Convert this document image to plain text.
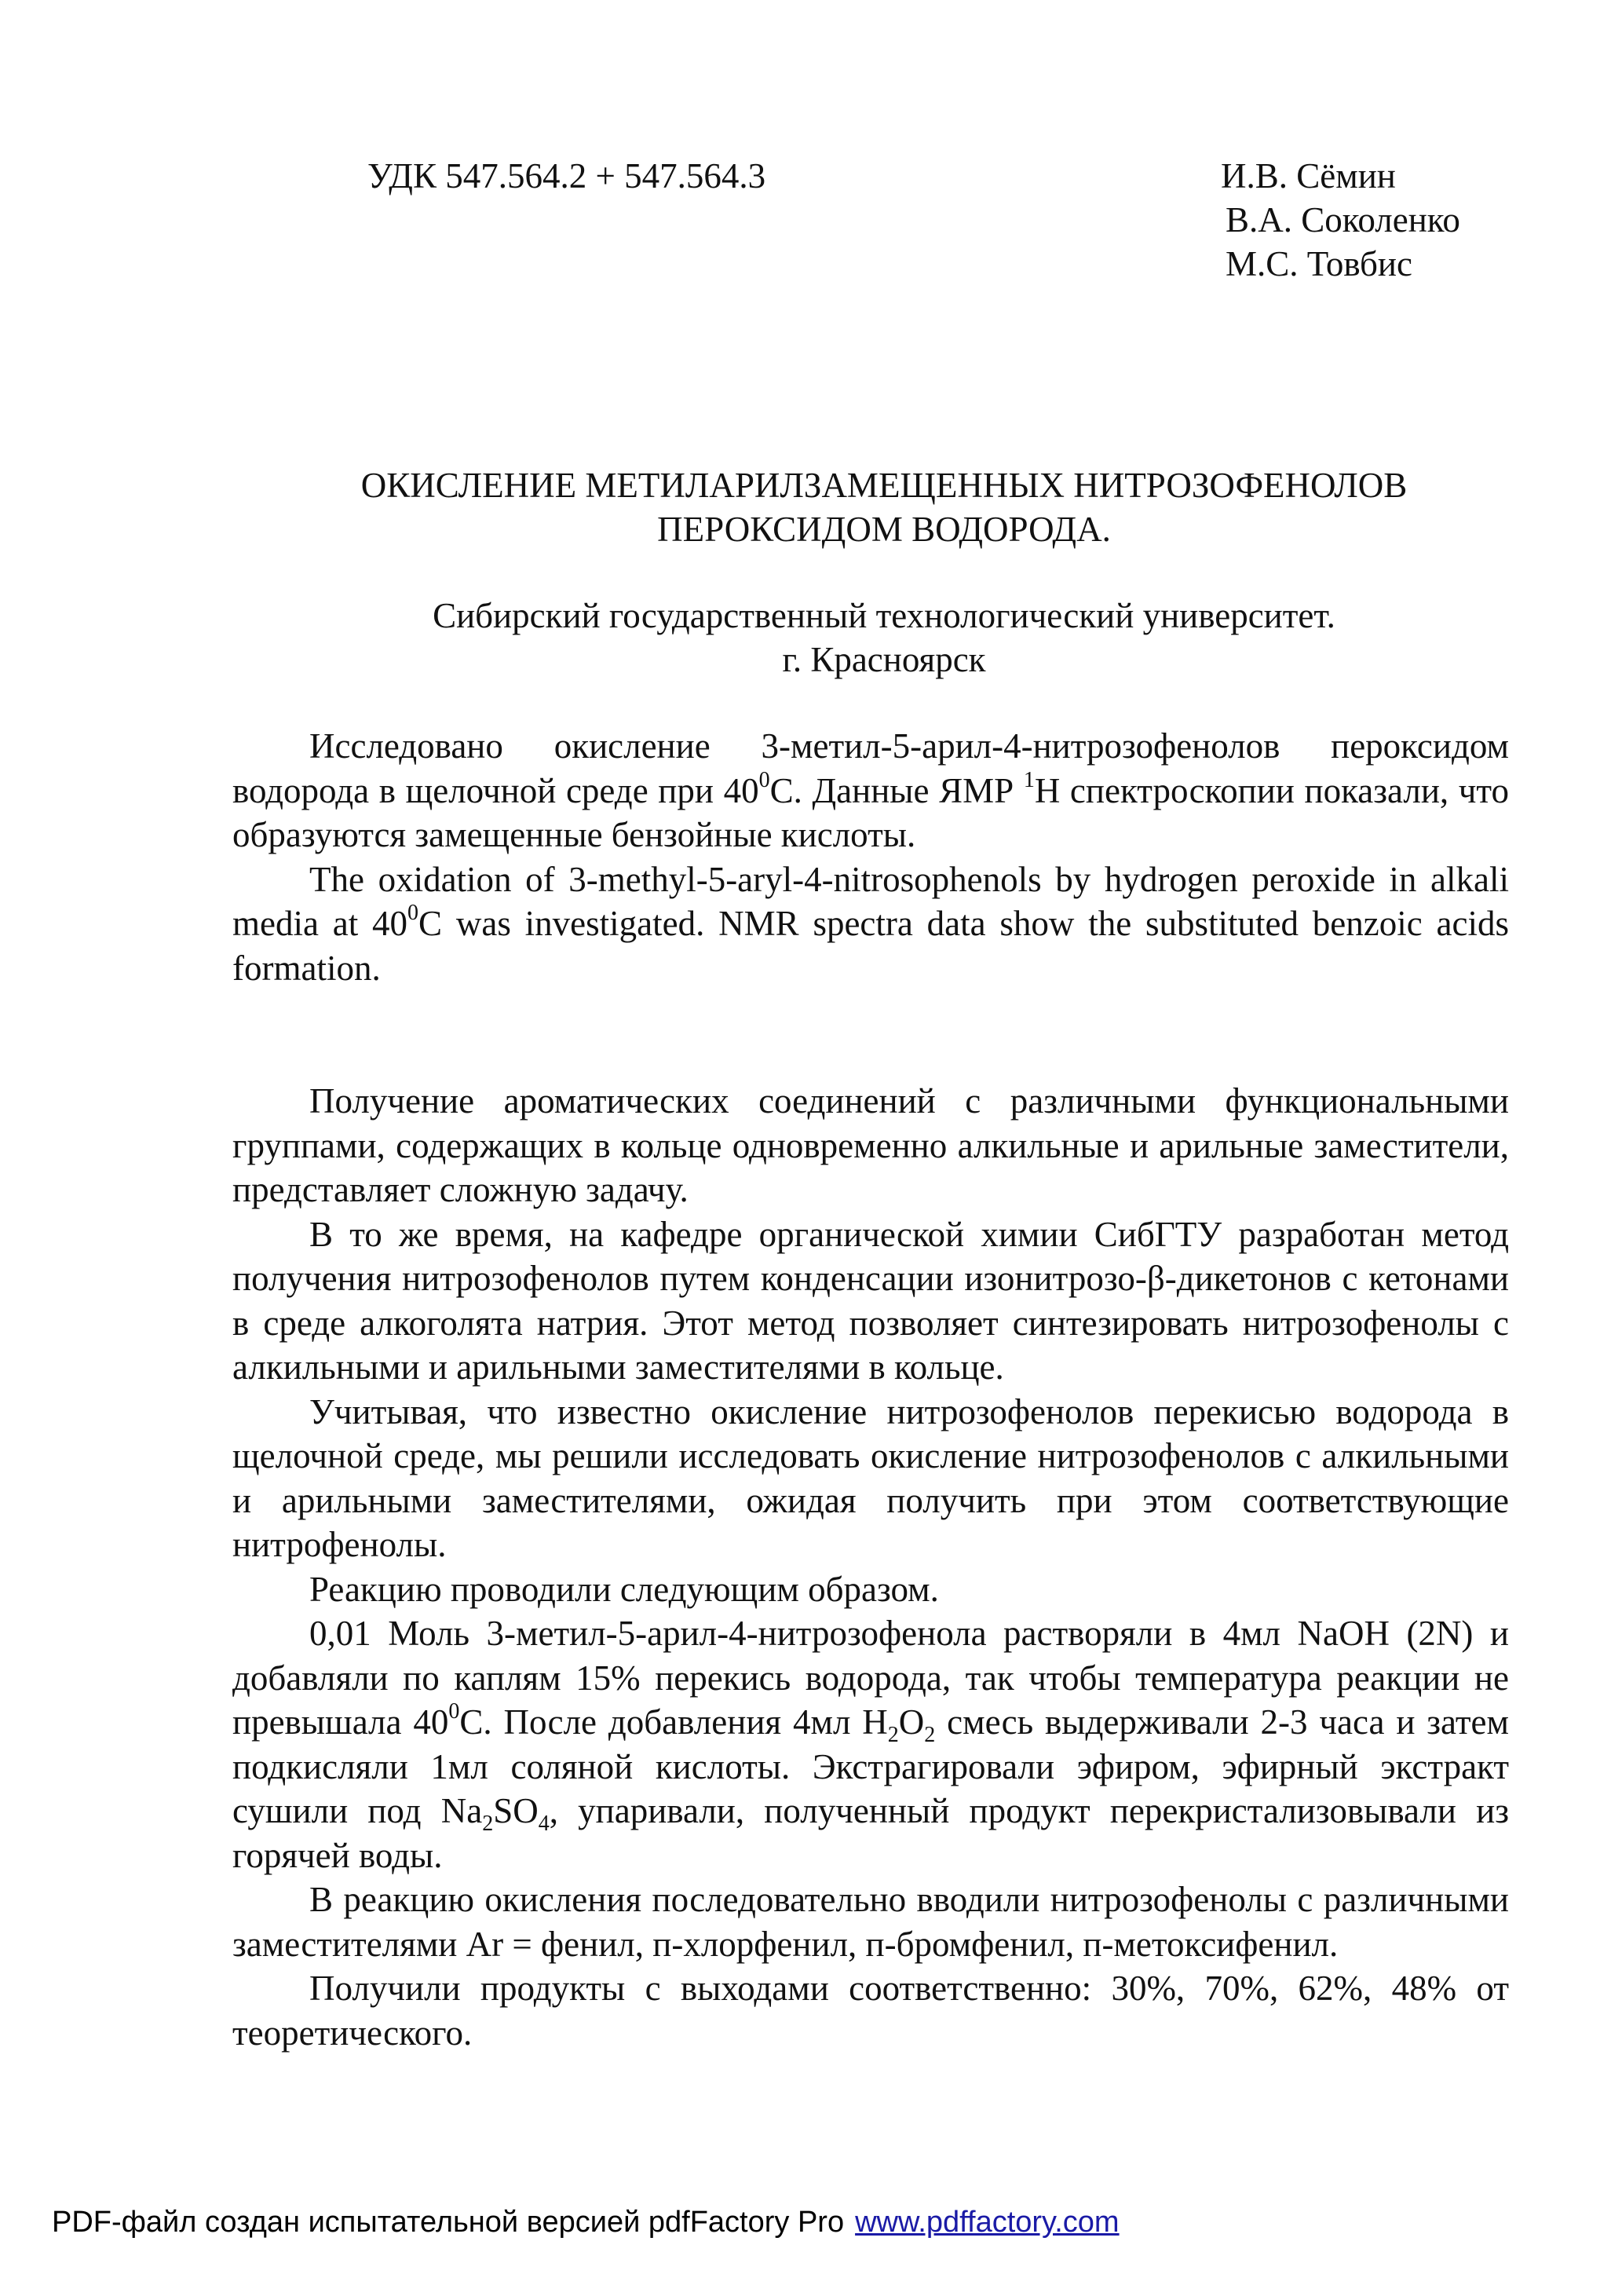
УДК 547.564.2 + 547.564.3	И.В. Сёмин
В.А. Соколенко
М.С. Товбис
ОКИСЛЕНИЕ МЕТИЛАРИЛЗАМЕЩЕННЫХ НИТРОЗОФЕНОЛОВ
ПЕРОКСИДОМ ВОДОРОДА.
Сибирский государственный технологический университет.
г. Красноярск

Исследовано окисление 3-метил-5-арил-4-нитрозофенолов пероксидом водорода в щелочной среде при $40^0С$. Данные ЯМР $^1$Н спектроскопии показали, что образуются замещенные бензойные кислоты.

The oxidation of 3-methyl-5-aryl-4-nitrosophenols by hydrogen peroxide in alkali media at $40^0C$ was investigated. NMR spectra data show the substituted benzoic acids formation.

Получение ароматических соединений с различными функциональными группами, содержащих в кольце одновременно алкильные и арильные заместители, представляет сложную задачу.

В то же время, на кафедре органической химии СибГТУ разработан метод получения нитрозофенолов путем конденсации изонитрозо-β-дикетонов с кетонами в среде алкоголята натрия. Этот метод позволяет синтезировать нитрозофенолы с алкильными и арильными заместителями в кольце.

Учитывая, что известно окисление нитрозофенолов перекисью водорода в щелочной среде, мы решили исследовать окисление нитрозофенолов с алкильными и арильными заместителями, ожидая получить при этом соответствующие нитрофенолы.

Реакцию проводили следующим образом.

0,01 Моль 3-метил-5-арил-4-нитрозофенола растворяли в 4мл NaOH (2N) и добавляли по каплям 15% перекись водорода, так чтобы температура реакции не превышала $40^0С$. После добавления 4мл $H_2O_2$ смесь выдерживали 2-3 часа и затем подкисляли 1мл соляной кислоты. Экстрагировали эфиром, эфирный экстракт сушили под $Na_2SO_4$, упаривали, полученный продукт перекристализовывали из горячей воды.

В реакцию окисления последовательно вводили нитрозофенолы с различными заместителями Ar = фенил, п-хлорфенил, п-бромфенил, п-метоксифенил.

Получили продукты с выходами соответственно: 30%, 70%, 62%, 48% от теоретического.

PDF-файл создан испытательной версией pdfFactory Pro www.pdffactory.com
